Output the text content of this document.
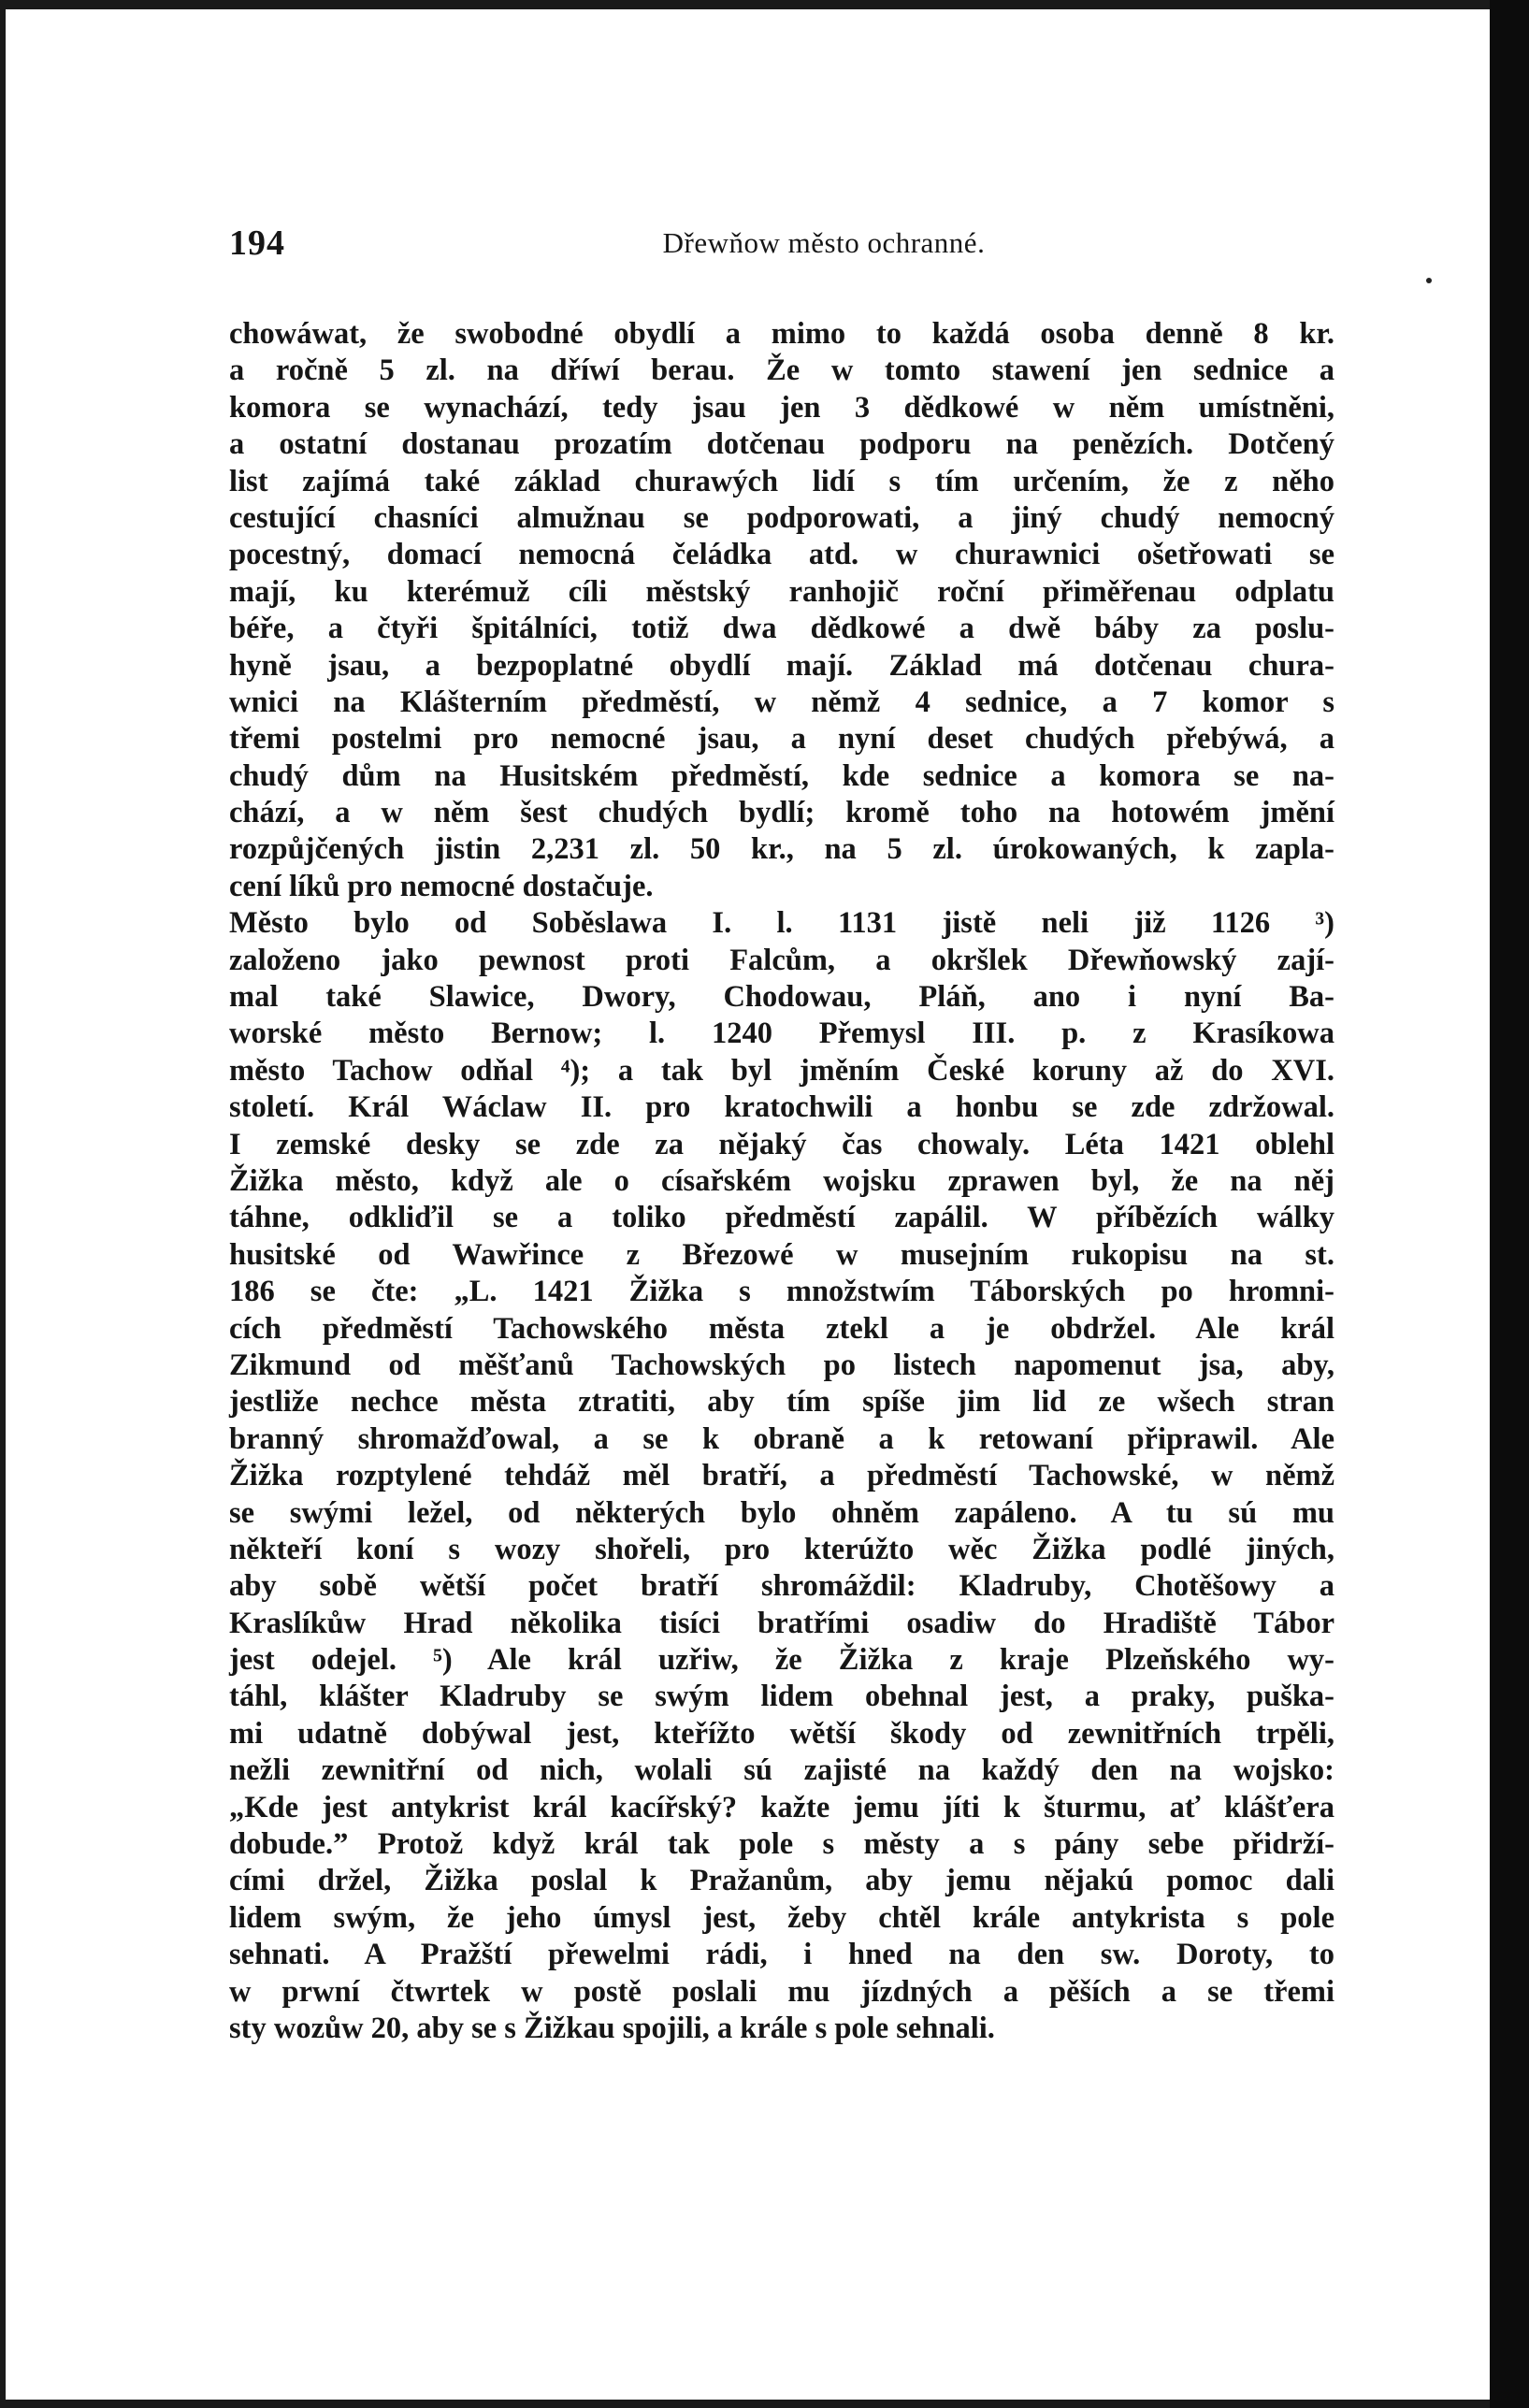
194	Dřewňow město ochranné.
chowáwat, že swobodné obydlí a mimo to každá osoba denně 8 kr.
a ročně 5 zl. na dříwí berau. Že w tomto stawení jen sednice a
komora se wynachází, tedy jsau jen 3 dědkowé w něm umístněni,
a ostatní dostanau prozatím dotčenau podporu na penězích. Dotčený
list zajímá také základ churawých lidí s tím určením, že z něho
cestující chasníci almužnau se podporowati, a jiný chudý nemocný
pocestný, domací nemocná čeládka atd. w churawnici ošetřowati se
mají, ku kterémuž cíli městský ranhojič roční přiměřenau odplatu
béře, a čtyři špitálníci, totiž dwa dědkowé a dwě báby za poslu-
hyně jsau, a bezpoplatné obydlí mají. Základ má dotčenau chura-
wnici na Klášterním předměstí, w němž 4 sednice, a 7 komor s
třemi postelmi pro nemocné jsau, a nyní deset chudých přebýwá, a
chudý dům na Husitském předměstí, kde sednice a komora se na-
chází, a w něm šest chudých bydlí; kromě toho na hotowém jmění
rozpůjčených jistin 2,231 zl. 50 kr., na 5 zl. úrokowaných, k zapla-
cení líků pro nemocné dostačuje.
Město bylo od Soběslawa I. l. 1131 jistě neli již 1126 ³)
založeno jako pewnost proti Falcům, a okršlek Dřewňowský zají-
mal také Slawice, Dwory, Chodowau, Pláň, ano i nyní Ba-
worské město Bernow; l. 1240 Přemysl III. p. z Krasíkowa
město Tachow odňal ⁴); a tak byl jměním České koruny až do XVI.
století. Král Wáclaw II. pro kratochwili a honbu se zde zdržowal.
I zemské desky se zde za nějaký čas chowaly. Léta 1421 oblehl
Žižka město, když ale o císařském wojsku zprawen byl, že na něj
táhne, odkliďil se a toliko předměstí zapálil. W příbězích wálky
husitské od Wawřince z Březowé w musejním rukopisu na st.
186 se čte: „L. 1421 Žižka s množstwím Táborských po hromni-
cích předměstí Tachowského města ztekl a je obdržel. Ale král
Zikmund od měšťanů Tachowských po listech napomenut jsa, aby,
jestliže nechce města ztratiti, aby tím spíše jim lid ze wšech stran
branný shromažďowal, a se k obraně a k retowaní připrawil. Ale
Žižka rozptylené tehdáž měl bratří, a předměstí Tachowské, w němž
se swými ležel, od některých bylo ohněm zapáleno. A tu sú mu
někteří koní s wozy shořeli, pro kterúžto wěc Žižka podlé jiných,
aby sobě wětší počet bratří shromáždil: Kladruby, Chotěšowy a
Kraslíkůw Hrad několika tisíci bratřími osadiw do Hradiště Tábor
jest odejel. ⁵) Ale král uzřiw, že Žižka z kraje Plzeňského wy-
táhl, klášter Kladruby se swým lidem obehnal jest, a praky, puška-
mi udatně dobýwal jest, kteřížto wětší škody od zewnitřních trpěli,
nežli zewnitřní od nich, wolali sú zajisté na každý den na wojsko:
„Kde jest antykrist král kacířský? kažte jemu jíti k šturmu, ať klášťera
dobude.” Protož když král tak pole s městy a s pány sebe přidrží-
cími držel, Žižka poslal k Pražanům, aby jemu nějakú pomoc dali
lidem swým, že jeho úmysl jest, žeby chtěl krále antykrista s pole
sehnati. A Pražští přewelmi rádi, i hned na den sw. Doroty, to
w prwní čtwrtek w postě poslali mu jízdných a pěších a se třemi
sty wozůw 20, aby se s Žižkau spojili, a krále s pole sehnali.
